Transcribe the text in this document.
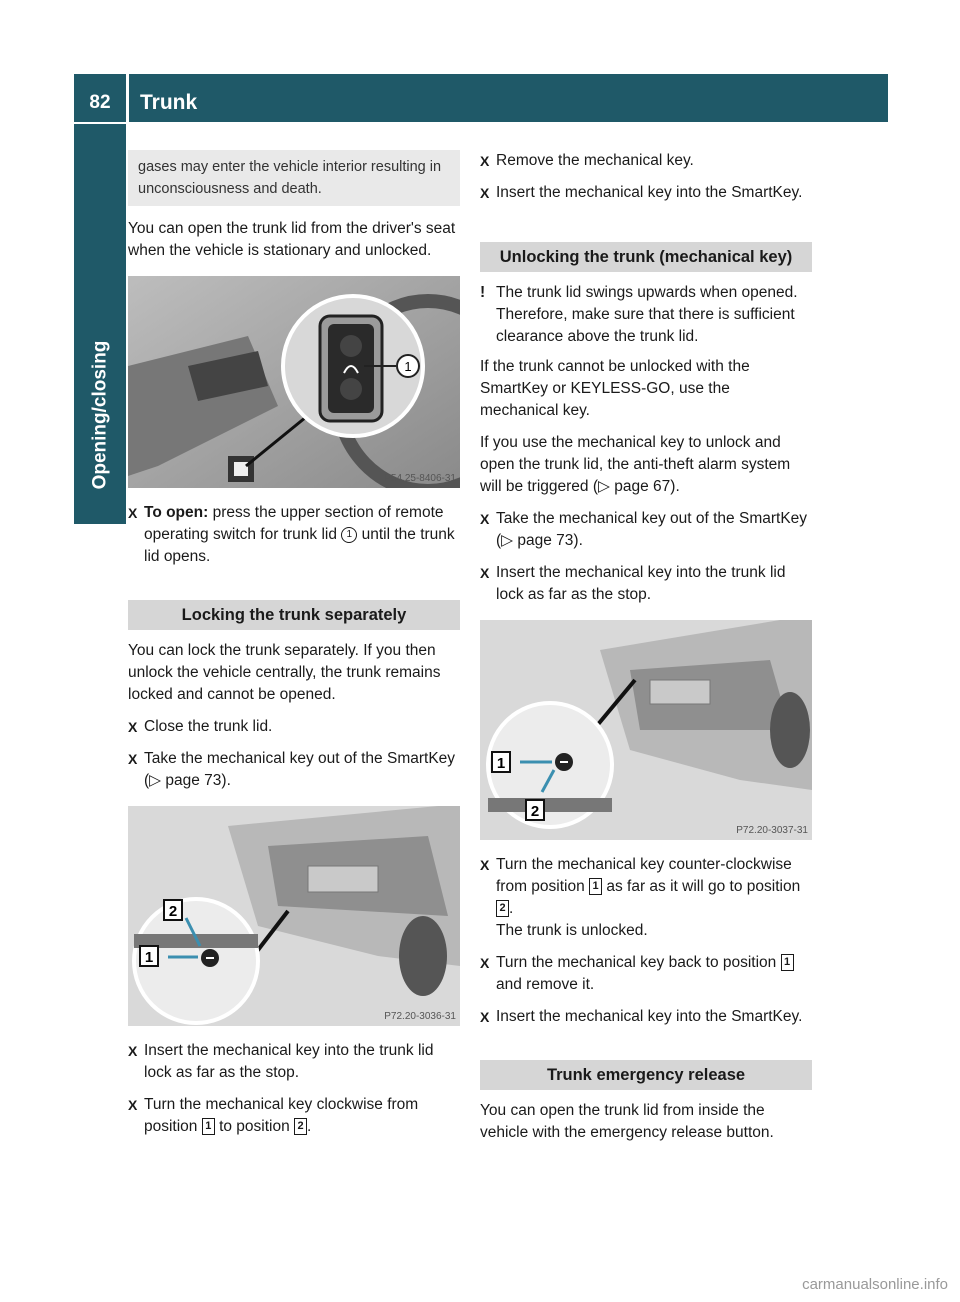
82	Trunk
Opening/closing

gases may enter the vehicle interior resulting in unconsciousness and death.

You can open the trunk lid from the driver's seat when the vehicle is stationary and unlocked.

1
P54.25-8406-31
X To open: press the upper section of remote operating switch for trunk lid 1 until the trunk lid opens.

Locking the trunk separately

You can lock the trunk separately. If you then unlock the vehicle centrally, the trunk remains locked and cannot be opened.

X Close the trunk lid.

X Take the mechanical key out of the SmartKey (▷ page 73).

1
2
P72.20-3036-31
X Insert the mechanical key into the trunk lid lock as far as the stop.

X Turn the mechanical key clockwise from position 1 to position 2 .

X Remove the mechanical key.

X Insert the mechanical key into the SmartKey.

Unlocking the trunk (mechanical key)
! The trunk lid swings upwards when opened. Therefore, make sure that there is sufficient clearance above the trunk lid.

If the trunk cannot be unlocked with the SmartKey or KEYLESS-GO, use the mechanical key.

If you use the mechanical key to unlock and open the trunk lid, the anti-theft alarm system will be triggered (▷ page 67).

X Take the mechanical key out of the SmartKey (▷ page 73).

X Insert the mechanical key into the trunk lid lock as far as the stop.

1
2
P72.20-3037-31
X Turn the mechanical key counter-clockwise from position 1 as far as it will go to position 2 .

The trunk is unlocked.

X Turn the mechanical key back to position 1 and remove it.

X Insert the mechanical key into the SmartKey.

Trunk emergency release

You can open the trunk lid from inside the vehicle with the emergency release button.

carmanualsonline.info
